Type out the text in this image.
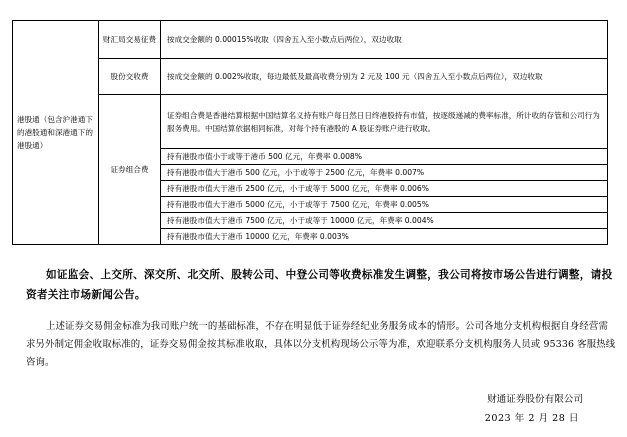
港股通（包含沪港通下的港股通和深港通下的港股通）	财汇局交易征费	按成交金额的 0.00015%收取（四舍五入至小数点后两位），双边收取
	股份交收费	按成交金额的 0.002%收取，每边最低及最高收费分别为 2 元及 100 元（四舍五入至小数点后两位），双边收取
	证券组合费	证券组合费是香港结算根据中国结算名义持有账户每日然日日终港股持有市值，按逐级递减的费率标准，所计收的存管和公司行为服务费用。中国结算依据相同标准，对每个持有港股的 A 股证券账户进行收取。
		持有港股市值小于或等于港币 500 亿元，年费率 0.008%
		持有港股市值大于港币 500 亿元，小于或等于 2500 亿元，年费率 0.007%
		持有港股市值大于港币 2500 亿元，小于或等于 5000 亿元，年费率 0.006%
		持有港股市值大于港币 5000 亿元，小于或等于 7500 亿元，年费率 0.005%
		持有港股市值大于港币 7500 亿元，小于或等于 10000 亿元，年费率 0.004%
		持有港股市值大于港币 10000 亿元，年费率 0.003%
如证监会、上交所、深交所、北交所、股转公司、中登公司等收费标准发生调整，我公司将按市场公告进行调整，请投资者关注市场新闻公告。
上述证券交易佣金标准为我司账户统一的基础标准，不存在明显低于证券经纪业务服务成本的情形。公司各地分支机构根据自身经营需求另外制定佣金收取标准的，证券交易佣金按其标准收取，具体以分支机构现场公示等为准，欢迎联系分支机构服务人员或 95336 客服热线咨询。
财通证券股份有限公司
2023 年 2 月 28 日
